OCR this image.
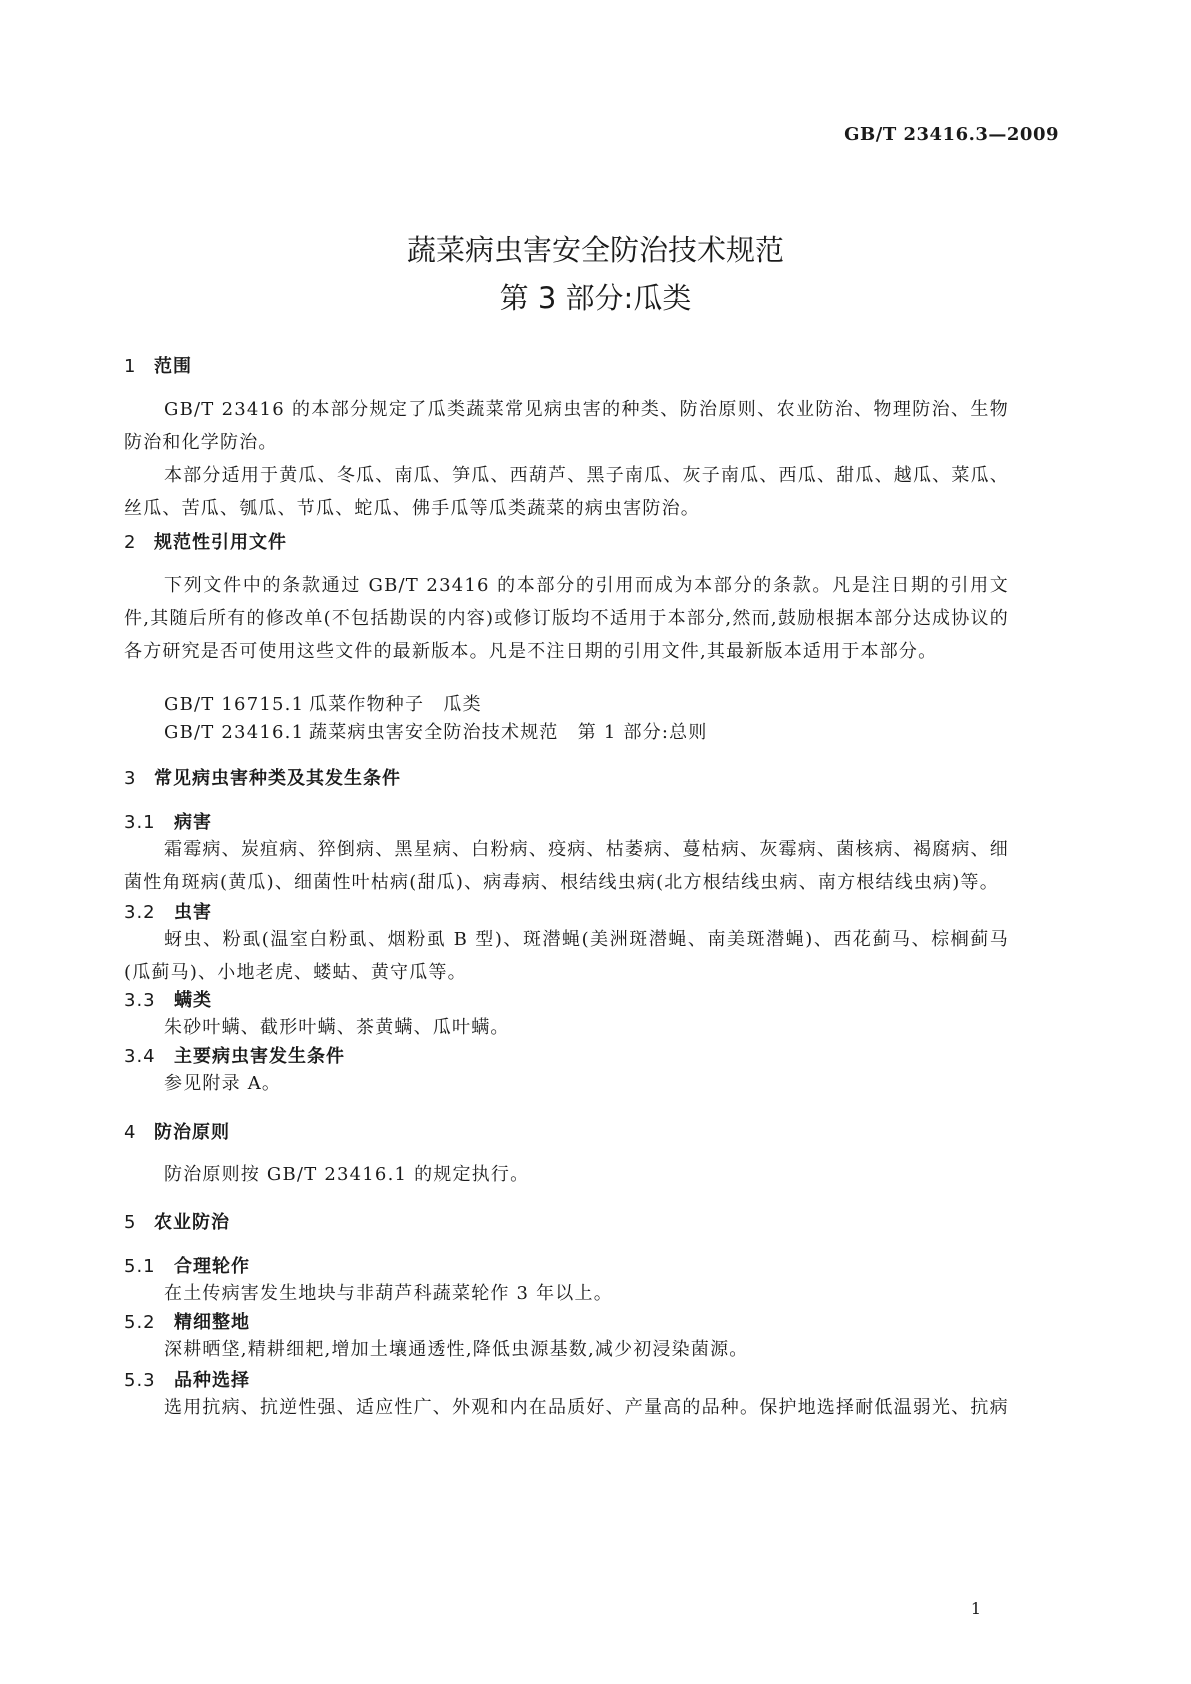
GB/T 23416.3—2009
蔬菜病虫害安全防治技术规范
第 3 部分:瓜类
1 范围
GB/T 23416 的本部分规定了瓜类蔬菜常见病虫害的种类、防治原则、农业防治、物理防治、生物防治和化学防治。
本部分适用于黄瓜、冬瓜、南瓜、笋瓜、西葫芦、黑子南瓜、灰子南瓜、西瓜、甜瓜、越瓜、菜瓜、丝瓜、苦瓜、瓠瓜、节瓜、蛇瓜、佛手瓜等瓜类蔬菜的病虫害防治。
2 规范性引用文件
下列文件中的条款通过 GB/T 23416 的本部分的引用而成为本部分的条款。凡是注日期的引用文件,其随后所有的修改单(不包括勘误的内容)或修订版均不适用于本部分,然而,鼓励根据本部分达成协议的各方研究是否可使用这些文件的最新版本。凡是不注日期的引用文件,其最新版本适用于本部分。
GB/T 16715.1 瓜菜作物种子　瓜类
GB/T 23416.1 蔬菜病虫害安全防治技术规范　第 1 部分:总则
3 常见病虫害种类及其发生条件
3.1 病害
霜霉病、炭疽病、猝倒病、黑星病、白粉病、疫病、枯萎病、蔓枯病、灰霉病、菌核病、褐腐病、细菌性角斑病(黄瓜)、细菌性叶枯病(甜瓜)、病毒病、根结线虫病(北方根结线虫病、南方根结线虫病)等。
3.2 虫害
蚜虫、粉虱(温室白粉虱、烟粉虱 B 型)、斑潜蝇(美洲斑潜蝇、南美斑潜蝇)、西花蓟马、棕榈蓟马(瓜蓟马)、小地老虎、蝼蛄、黄守瓜等。
3.3 螨类
朱砂叶螨、截形叶螨、茶黄螨、瓜叶螨。
3.4 主要病虫害发生条件
参见附录 A。
4 防治原则
防治原则按 GB/T 23416.1 的规定执行。
5 农业防治
5.1 合理轮作
在土传病害发生地块与非葫芦科蔬菜轮作 3 年以上。
5.2 精细整地
深耕晒垡,精耕细耙,增加土壤通透性,降低虫源基数,减少初浸染菌源。
5.3 品种选择
选用抗病、抗逆性强、适应性广、外观和内在品质好、产量高的品种。保护地选择耐低温弱光、抗病
1
